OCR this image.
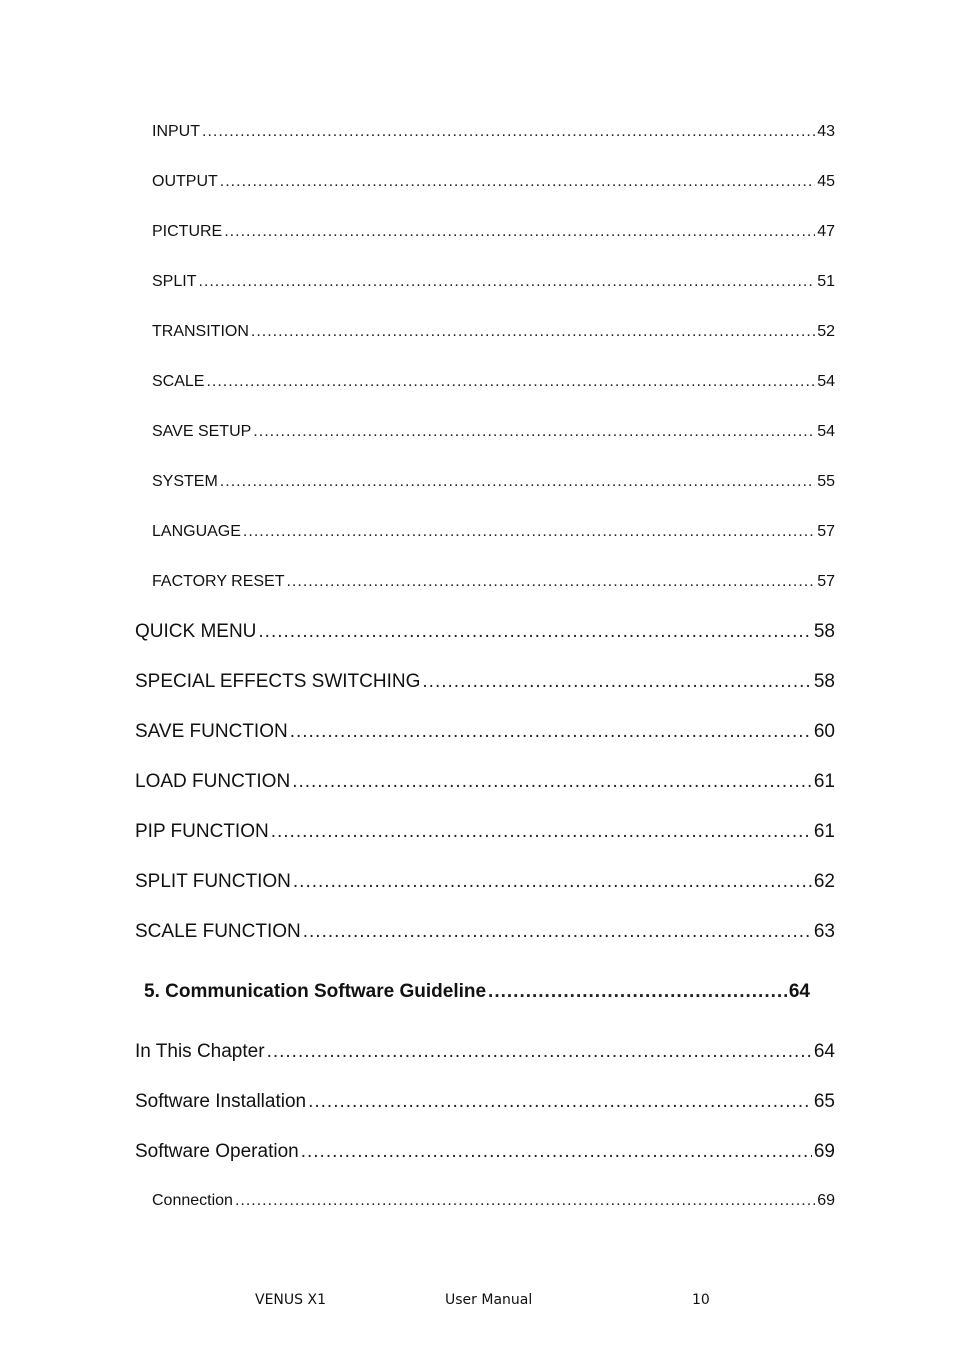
INPUT .....	43
OUTPUT .....	45
PICTURE .....	47
SPLIT .....	51
TRANSITION .....	52
SCALE .....	54
SAVE SETUP .....	54
SYSTEM .....	55
LANGUAGE .....	57
FACTORY RESET .....	57
QUICK MENU .....	58
SPECIAL EFFECTS SWITCHING .....	58
SAVE FUNCTION .....	60
LOAD FUNCTION .....	61
PIP FUNCTION .....	61
SPLIT FUNCTION .....	62
SCALE FUNCTION .....	63
5. Communication Software Guideline .....	64
In This Chapter .....	64
Software Installation .....	65
Software Operation .....	69
Connection .....	69
VENUS X1	User Manual	10
